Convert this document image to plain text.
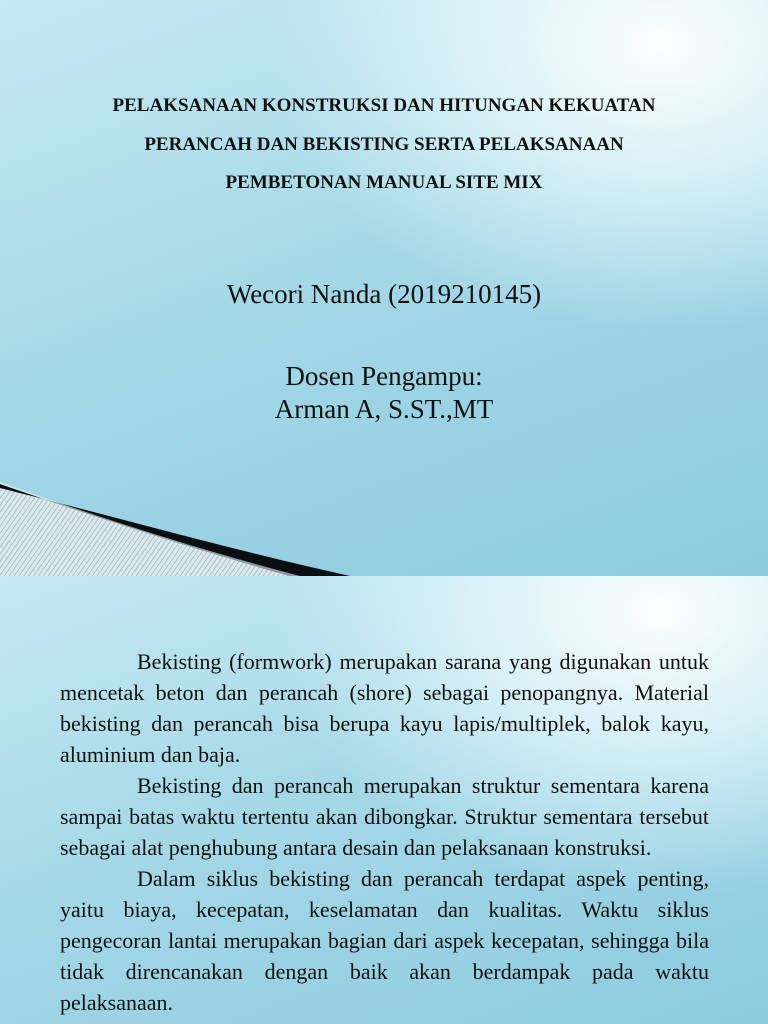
PELAKSANAAN KONSTRUKSI DAN HITUNGAN KEKUATAN
PERANCAH DAN BEKISTING SERTA PELAKSANAAN
PEMBETONAN MANUAL SITE MIX

Wecori Nanda (2019210145)

Dosen Pengampu:
Arman A, S.ST.,MT

Bekisting (formwork) merupakan sarana yang digunakan untuk mencetak beton dan perancah (shore) sebagai penopangnya. Material bekisting dan perancah bisa berupa kayu lapis/multiplek, balok kayu, aluminium dan baja.

Bekisting dan perancah merupakan struktur sementara karena sampai batas waktu tertentu akan dibongkar. Struktur sementara tersebut sebagai alat penghubung antara desain dan pelaksanaan konstruksi.

Dalam siklus bekisting dan perancah terdapat aspek penting, yaitu biaya, kecepatan, keselamatan dan kualitas. Waktu siklus pengecoran lantai merupakan bagian dari aspek kecepatan, sehingga bila tidak direncanakan dengan baik akan berdampak pada waktu pelaksanaan.
